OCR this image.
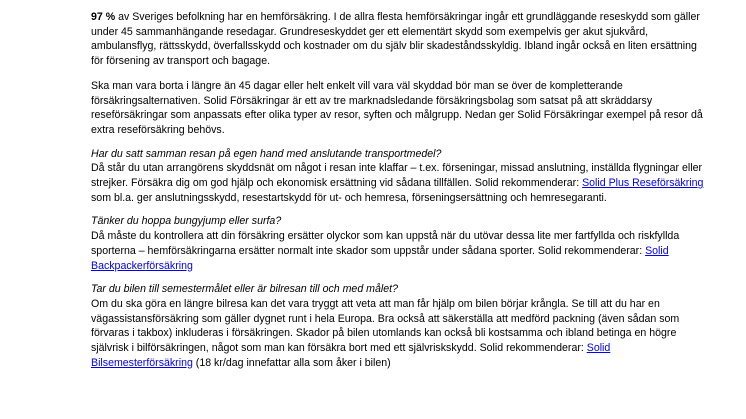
97 % av Sveriges befolkning har en hemförsäkring. I de allra flesta hemförsäkringar ingår ett grundläggande reseskydd som gäller under 45 sammanhängande resedagar. Grundreseskyddet ger ett elementärt skydd som exempelvis ger akut sjukvård, ambulansflyg, rättsskydd, överfallsskydd och kostnader om du själv blir skadeståndsskyldig. Ibland ingår också en liten ersättning för försening av transport och bagage.

Ska man vara borta i längre än 45 dagar eller helt enkelt vill vara väl skyddad bör man se över de kompletterande försäkringsalternativen. Solid Försäkringar är ett av tre marknadsledande försäkringsbolag som satsat på att skräddarsy reseförsäkringar som anpassats efter olika typer av resor, syften och målgrupp. Nedan ger Solid Försäkringar exempel på resor då extra reseförsäkring behövs.

Har du satt samman resan på egen hand med anslutande transportmedel?

Då står du utan arrangörens skyddsnät om något i resan inte klaffar – t.ex. förseningar, missad anslutning, inställda flygningar eller strejker. Försäkra dig om god hjälp och ekonomisk ersättning vid sådana tillfällen. Solid rekommenderar: Solid Plus Reseförsäkring som bl.a. ger anslutningsskydd, resestartskydd för ut- och hemresa, förseningsersättning och hemresegaranti.

Tänker du hoppa bungyjump eller surfa?

Då måste du kontrollera att din försäkring ersätter olyckor som kan uppstå när du utövar dessa lite mer fartfyllda och riskfyllda sporterna – hemförsäkringarna ersätter normalt inte skador som uppstår under sådana sporter. Solid rekommenderar: Solid Backpackerförsäkring

Tar du bilen till semestermålet eller är bilresan till och med målet?

Om du ska göra en längre bilresa kan det vara tryggt att veta att man får hjälp om bilen börjar krångla. Se till att du har en vägassistansförsäkring som gäller dygnet runt i hela Europa. Bra också att säkerställa att medförd packning (även sådan som förvaras i takbox) inkluderas i försäkringen. Skador på bilen utomlands kan också bli kostsamma och ibland betinga en högre självrisk i bilförsäkringen, något som man kan försäkra bort med ett självriskskydd. Solid rekommenderar: Solid Bilsemesterförsäkring (18 kr/dag innefattar alla som åker i bilen)
